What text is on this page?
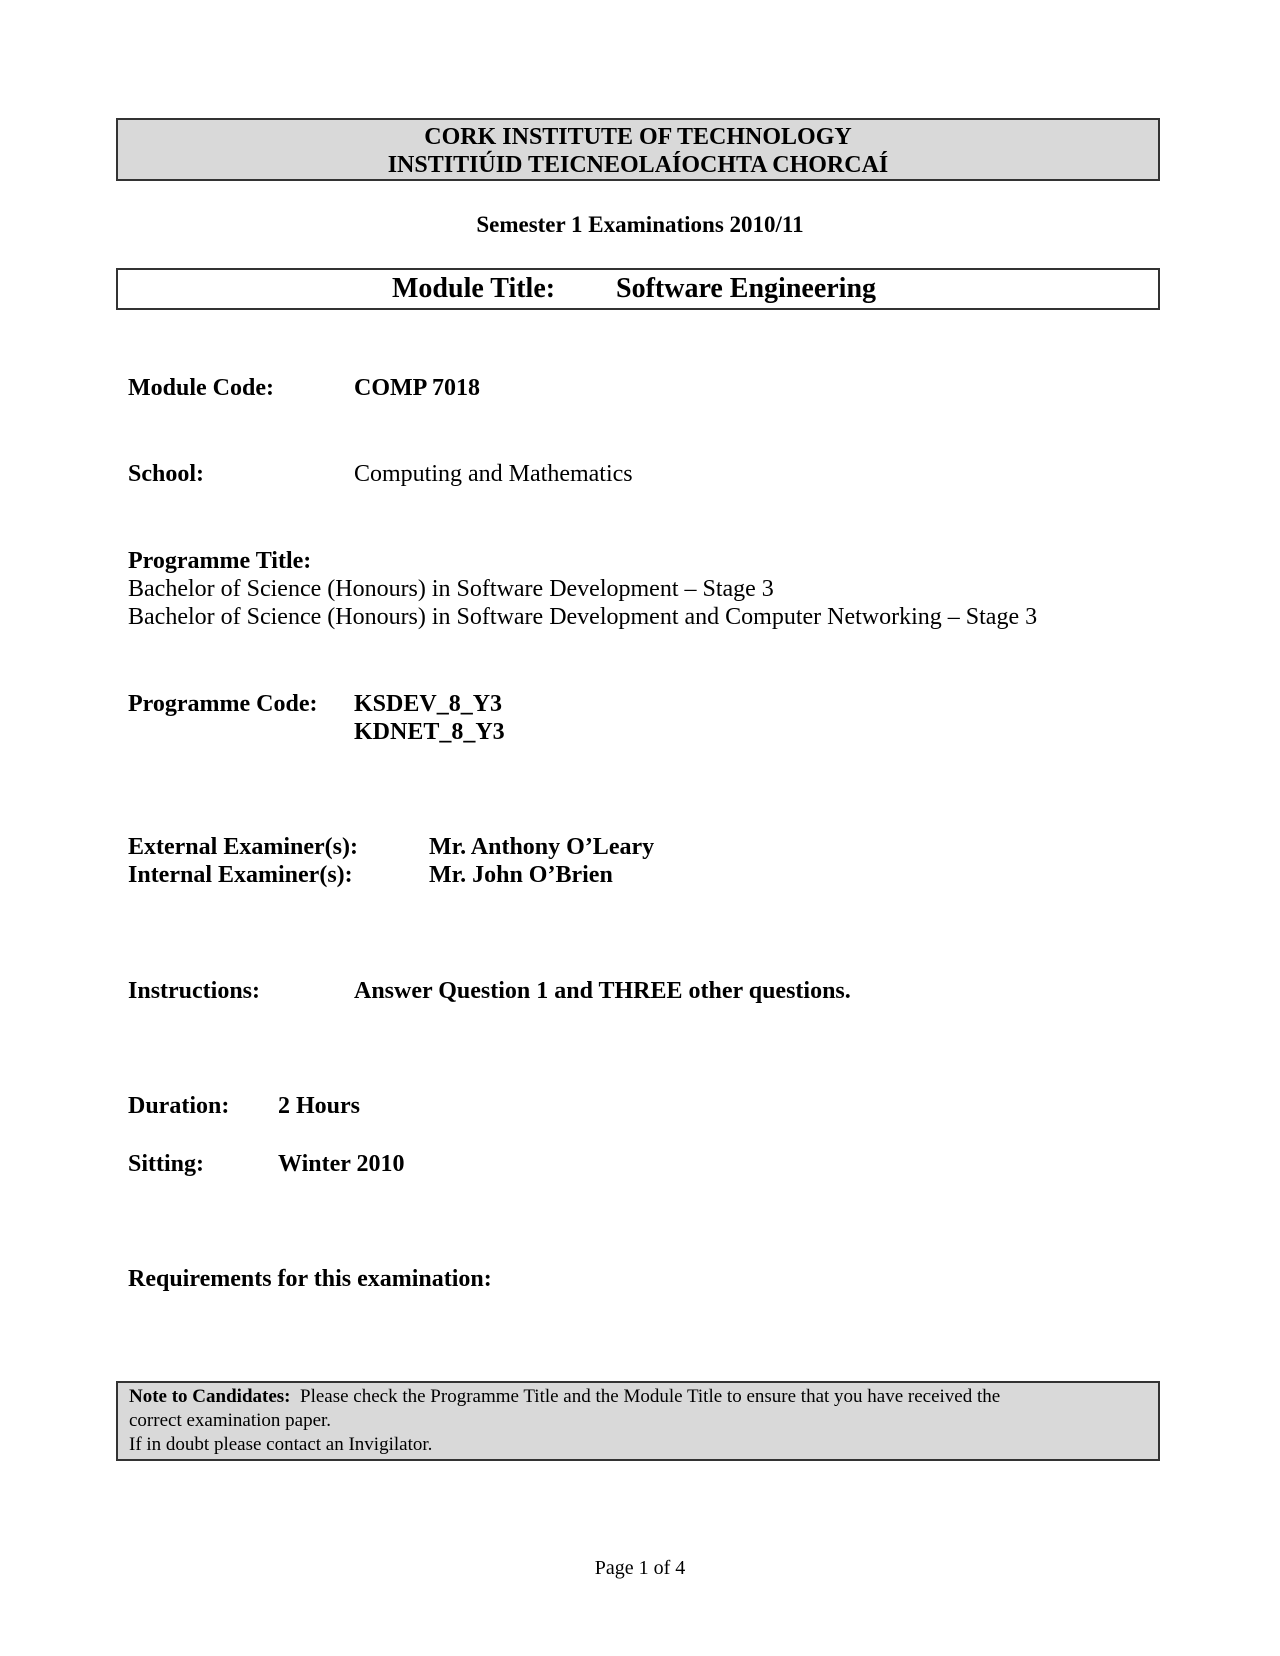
CORK INSTITUTE OF TECHNOLOGY
INSTITIÚID TEICNEOLAÍOCHTA CHORCAÍ
Semester 1 Examinations 2010/11
Module Title: Software Engineering
Module Code:	COMP 7018
School:	Computing and Mathematics
Programme Title:
Bachelor of Science (Honours) in Software Development – Stage 3
Bachelor of Science (Honours) in Software Development and Computer Networking – Stage 3
Programme Code: KSDEV_8_Y3
KDNET_8_Y3
External Examiner(s):	Mr. Anthony O’Leary
Internal Examiner(s):	Mr. John O’Brien
Instructions:	Answer Question 1 and THREE other questions.
Duration: 2 Hours
Sitting:	Winter 2010
Requirements for this examination:
Note to Candidates: Please check the Programme Title and the Module Title to ensure that you have received the
correct examination paper.
If in doubt please contact an Invigilator.
Page 1 of 4
